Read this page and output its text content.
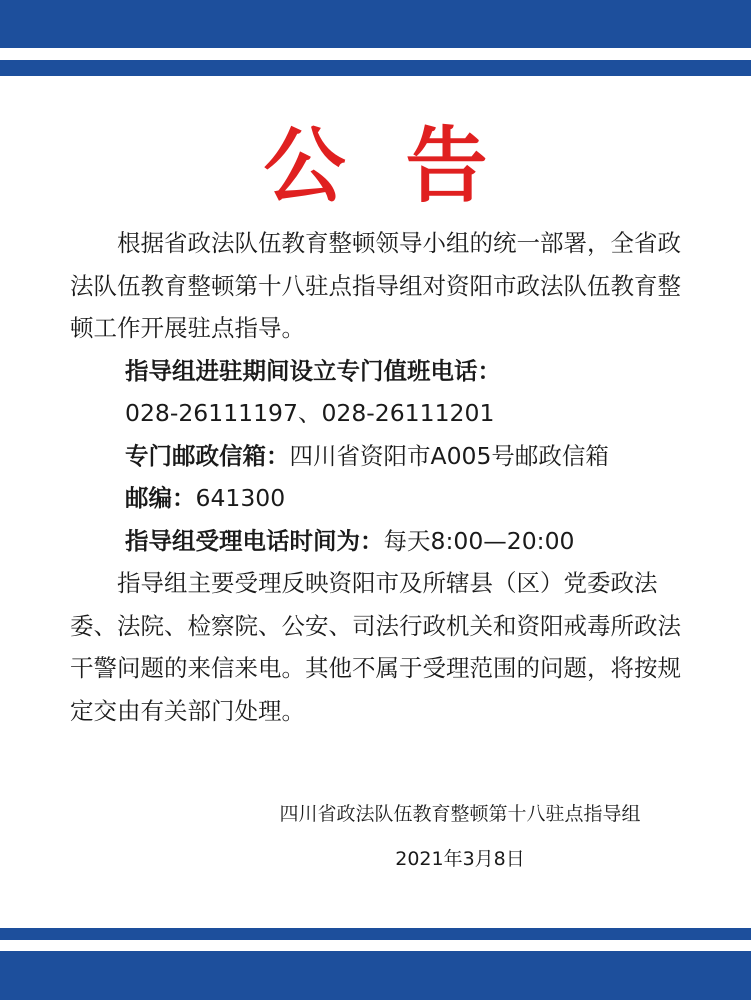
公告

根据省政法队伍教育整顿领导小组的统一部署，全省政法队伍教育整顿第十八驻点指导组对资阳市政法队伍教育整顿工作开展驻点指导。

指导组进驻期间设立专门值班电话：

028-26111197、028-26111201

专门邮政信箱：四川省资阳市A005号邮政信箱

邮编：641300

指导组受理电话时间为：每天8:00—20:00

指导组主要受理反映资阳市及所辖县（区）党委政法委、法院、检察院、公安、司法行政机关和资阳戒毒所政法干警问题的来信来电。其他不属于受理范围的问题，将按规定交由有关部门处理。

四川省政法队伍教育整顿第十八驻点指导组
2021年3月8日
